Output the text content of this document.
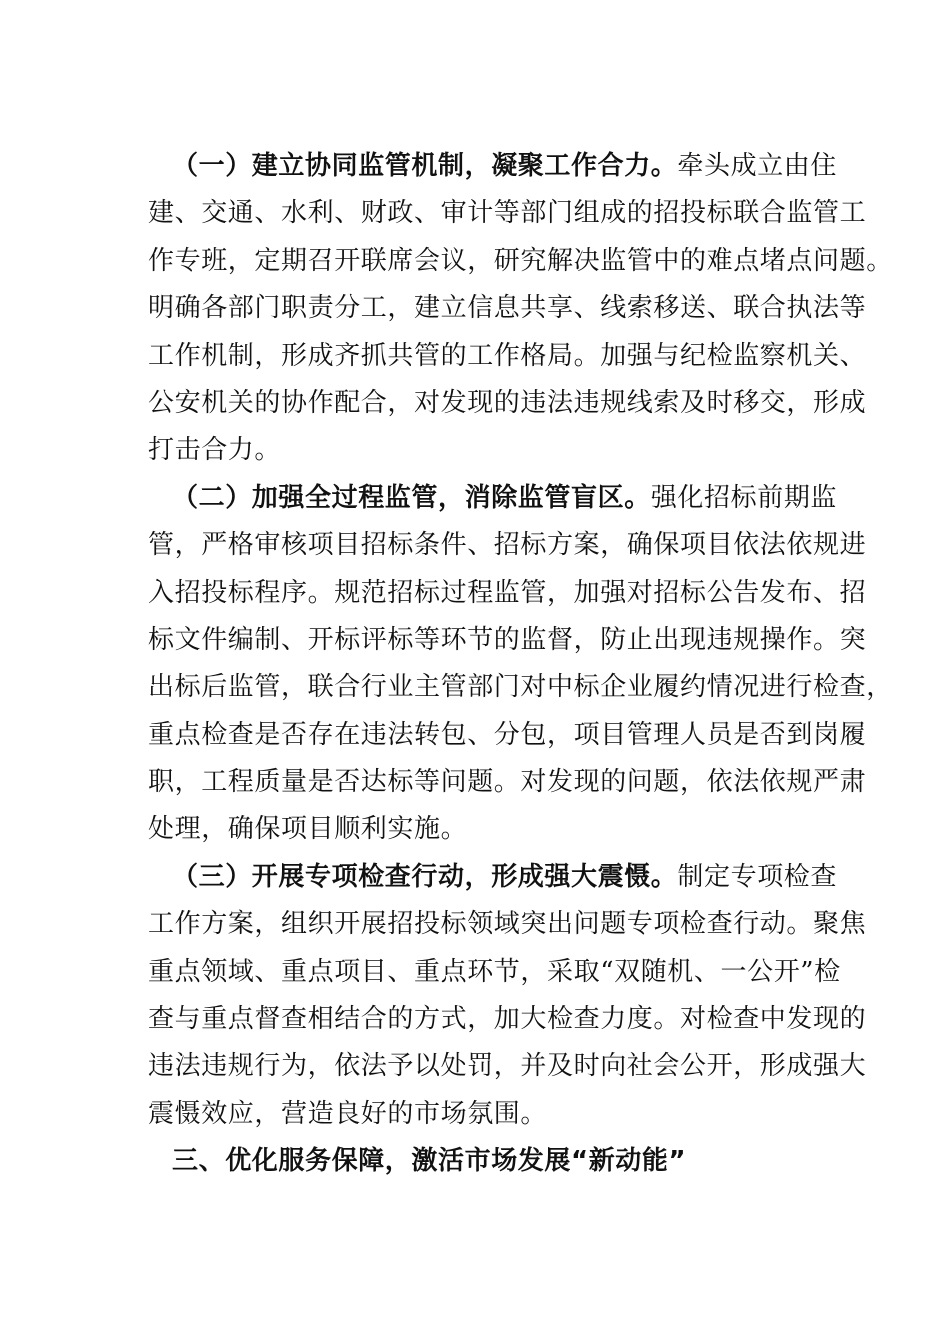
（一）建立协同监管机制，凝聚工作合力。牵头成立由住
建、交通、水利、财政、审计等部门组成的招投标联合监管工
作专班，定期召开联席会议，研究解决监管中的难点堵点问题。
明确各部门职责分工，建立信息共享、线索移送、联合执法等
工作机制，形成齐抓共管的工作格局。加强与纪检监察机关、
公安机关的协作配合，对发现的违法违规线索及时移交，形成
打击合力。
（二）加强全过程监管，消除监管盲区。强化招标前期监
管，严格审核项目招标条件、招标方案，确保项目依法依规进
入招投标程序。规范招标过程监管，加强对招标公告发布、招
标文件编制、开标评标等环节的监督，防止出现违规操作。突
出标后监管，联合行业主管部门对中标企业履约情况进行检查，
重点检查是否存在违法转包、分包，项目管理人员是否到岗履
职，工程质量是否达标等问题。对发现的问题，依法依规严肃
处理，确保项目顺利实施。
（三）开展专项检查行动，形成强大震慑。制定专项检查
工作方案，组织开展招投标领域突出问题专项检查行动。聚焦
重点领域、重点项目、重点环节，采取“双随机、一公开”检
查与重点督查相结合的方式，加大检查力度。对检查中发现的
违法违规行为，依法予以处罚，并及时向社会公开，形成强大
震慑效应，营造良好的市场氛围。
三、优化服务保障，激活市场发展“新动能”
